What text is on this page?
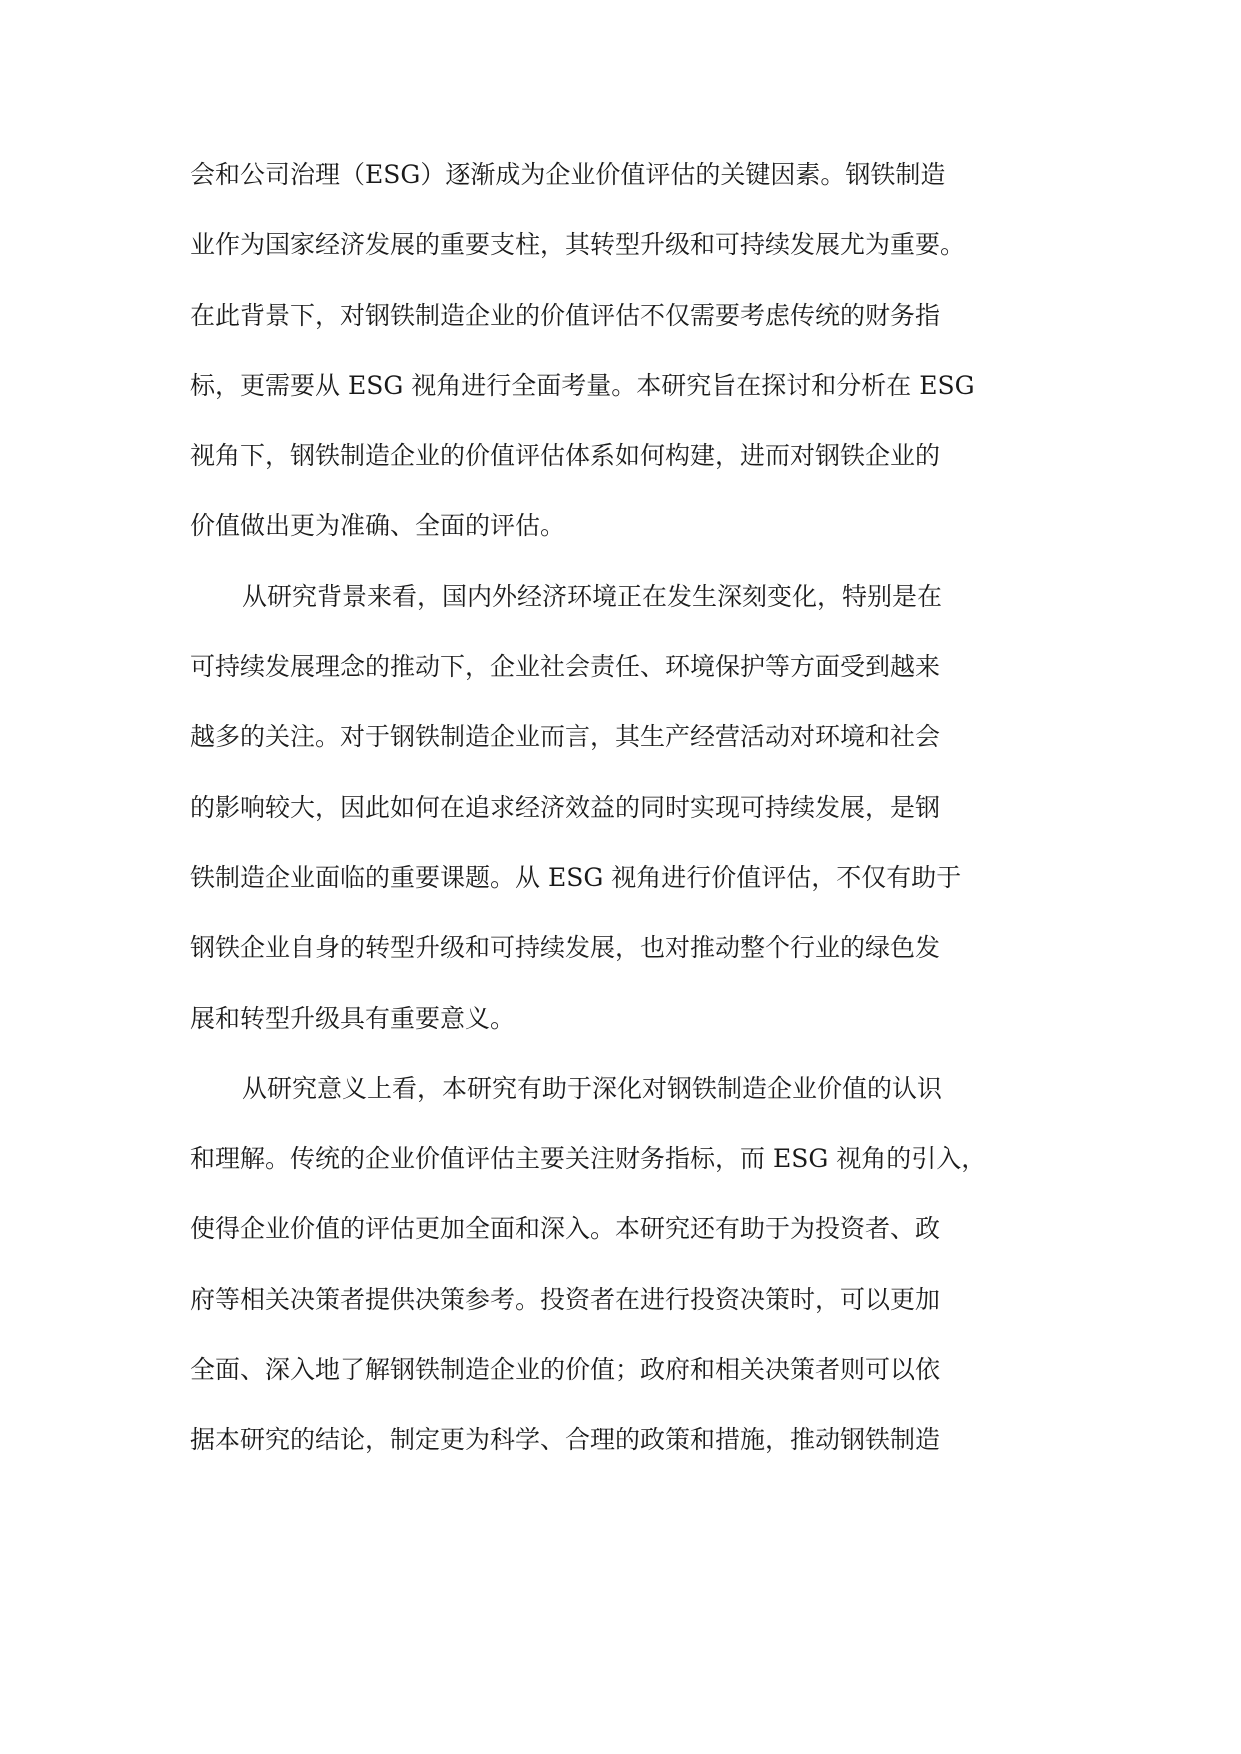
会和公司治理（ESG）逐渐成为企业价值评估的关键因素。钢铁制造
业作为国家经济发展的重要支柱，其转型升级和可持续发展尤为重要。
在此背景下，对钢铁制造企业的价值评估不仅需要考虑传统的财务指
标，更需要从 ESG 视角进行全面考量。本研究旨在探讨和分析在 ESG
视角下，钢铁制造企业的价值评估体系如何构建，进而对钢铁企业的
价值做出更为准确、全面的评估。
从研究背景来看，国内外经济环境正在发生深刻变化，特别是在
可持续发展理念的推动下，企业社会责任、环境保护等方面受到越来
越多的关注。对于钢铁制造企业而言，其生产经营活动对环境和社会
的影响较大，因此如何在追求经济效益的同时实现可持续发展，是钢
铁制造企业面临的重要课题。从 ESG 视角进行价值评估，不仅有助于
钢铁企业自身的转型升级和可持续发展，也对推动整个行业的绿色发
展和转型升级具有重要意义。
从研究意义上看，本研究有助于深化对钢铁制造企业价值的认识
和理解。传统的企业价值评估主要关注财务指标，而 ESG 视角的引入，
使得企业价值的评估更加全面和深入。本研究还有助于为投资者、政
府等相关决策者提供决策参考。投资者在进行投资决策时，可以更加
全面、深入地了解钢铁制造企业的价值；政府和相关决策者则可以依
据本研究的结论，制定更为科学、合理的政策和措施，推动钢铁制造
